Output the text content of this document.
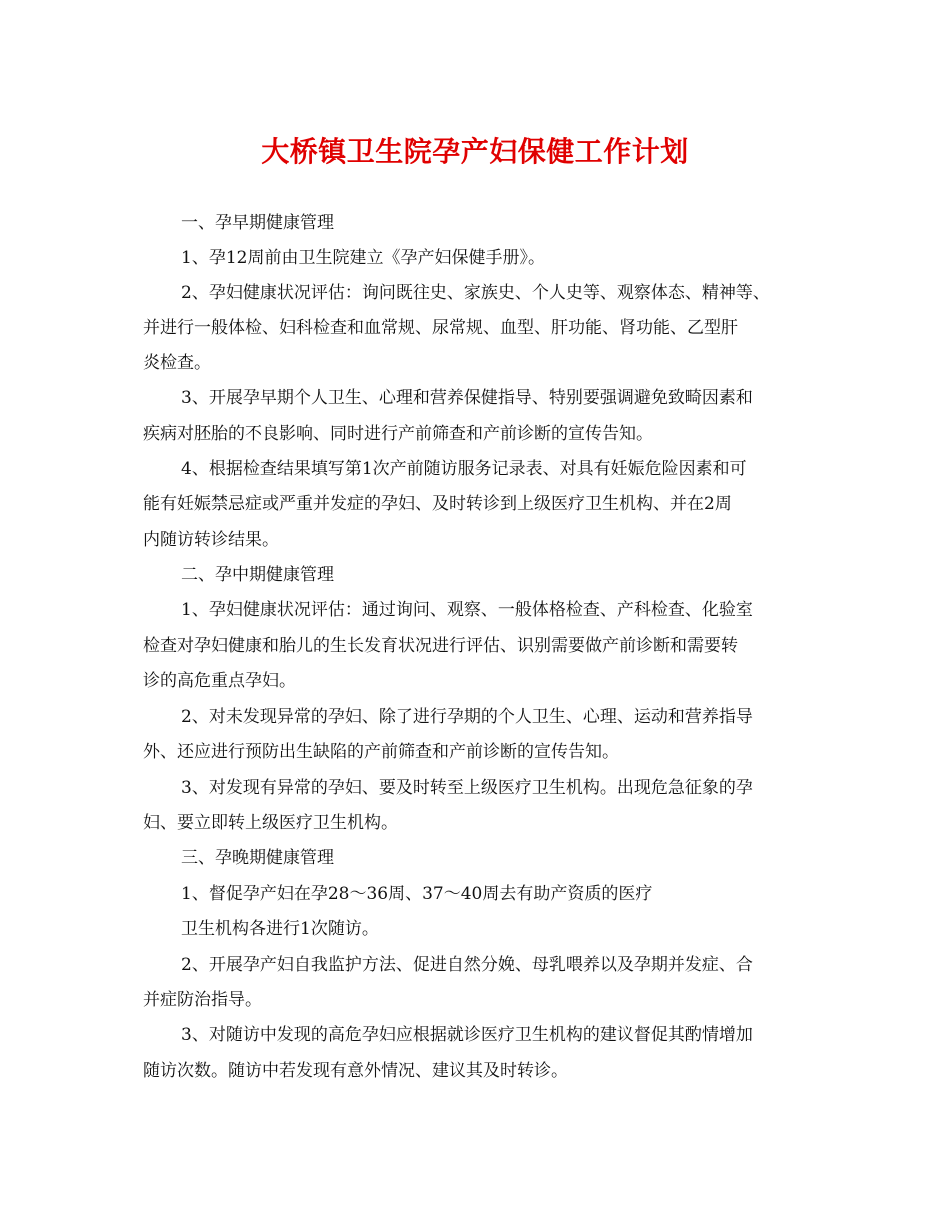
大桥镇卫生院孕产妇保健工作计划
一、孕早期健康管理
1、孕12周前由卫生院建立《孕产妇保健手册》。
2、孕妇健康状况评估：询问既往史、家族史、个人史等、观察体态、精神等、
并进行一般体检、妇科检查和血常规、尿常规、血型、肝功能、肾功能、乙型肝
炎检查。
3、开展孕早期个人卫生、心理和营养保健指导、特别要强调避免致畸因素和
疾病对胚胎的不良影响、同时进行产前筛查和产前诊断的宣传告知。
4、根据检查结果填写第1次产前随访服务记录表、对具有妊娠危险因素和可
能有妊娠禁忌症或严重并发症的孕妇、及时转诊到上级医疗卫生机构、并在2周
内随访转诊结果。
二、孕中期健康管理
1、孕妇健康状况评估：通过询问、观察、一般体格检查、产科检查、化验室
检查对孕妇健康和胎儿的生长发育状况进行评估、识别需要做产前诊断和需要转
诊的高危重点孕妇。
2、对未发现异常的孕妇、除了进行孕期的个人卫生、心理、运动和营养指导
外、还应进行预防出生缺陷的产前筛查和产前诊断的宣传告知。
3、对发现有异常的孕妇、要及时转至上级医疗卫生机构。出现危急征象的孕
妇、要立即转上级医疗卫生机构。
三、孕晚期健康管理
1、督促孕产妇在孕28～36周、37～40周去有助产资质的医疗
卫生机构各进行1次随访。
2、开展孕产妇自我监护方法、促进自然分娩、母乳喂养以及孕期并发症、合
并症防治指导。
3、对随访中发现的高危孕妇应根据就诊医疗卫生机构的建议督促其酌情增加
随访次数。随访中若发现有意外情况、建议其及时转诊。
